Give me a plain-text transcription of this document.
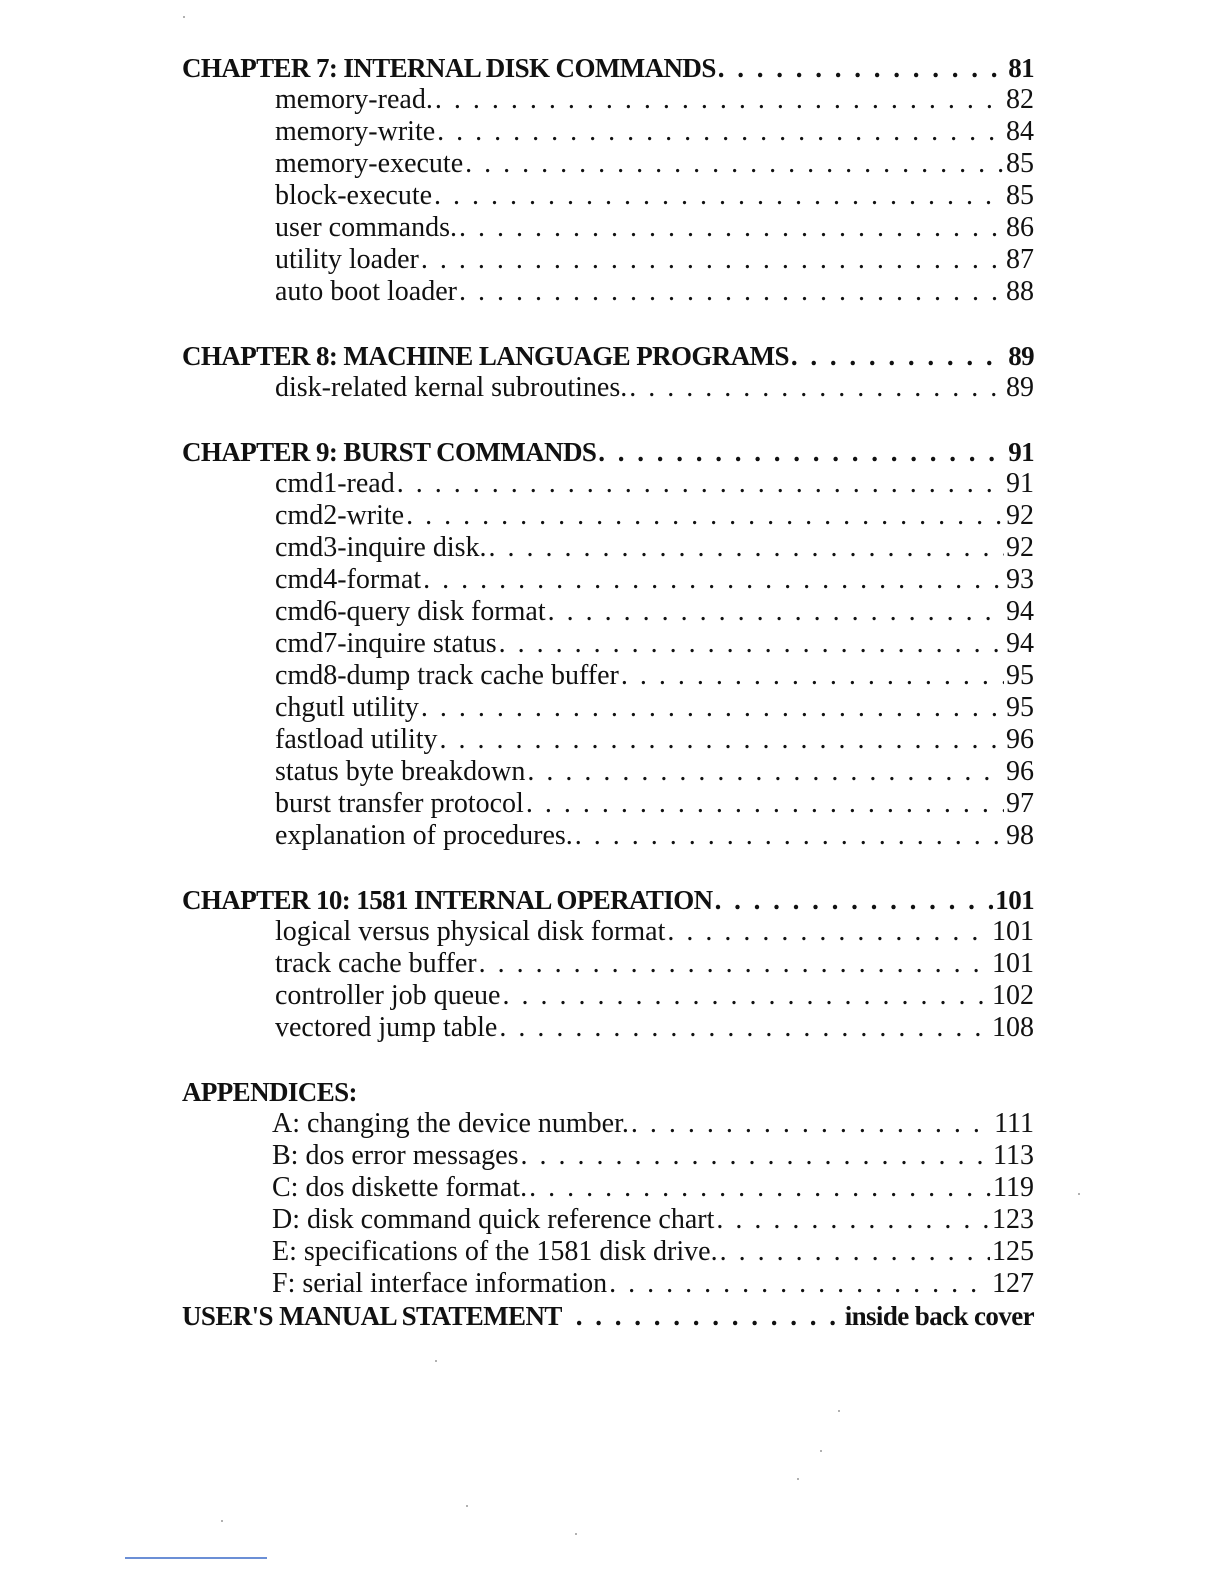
CHAPTER 7: INTERNAL DISK COMMANDS . . .	81
memory-read. . . .	82
memory-write . . .	84
memory-execute . . .	85
block-execute . . .	85
user commands. . . .	86
utility loader . . .	87
auto boot loader . . .	88
CHAPTER 8: MACHINE LANGUAGE PROGRAMS . . .	89
disk-related kernal subroutines. . . .	89
CHAPTER 9: BURST COMMANDS . . .	91
cmd1-read . . .	91
cmd2-write . . .	92
cmd3-inquire disk. . . .	92
cmd4-format . . .	93
cmd6-query disk format . . .	94
cmd7-inquire status . . .	94
cmd8-dump track cache buffer . . .	95
chgutl utility . . .	95
fastload utility . . .	96
status byte breakdown . . .	96
burst transfer protocol . . .	97
explanation of procedures. . . .	98
CHAPTER 10: 1581 INTERNAL OPERATION . . .	101
logical versus physical disk format . . .	101
track cache buffer . . .	101
controller job queue . . .	102
vectored jump table . . .	108
APPENDICES:
A: changing the device number. . . .	111
B: dos error messages . . .	113
C: dos diskette format. . . .	119
D: disk command quick reference chart . . .	123
E: specifications of the 1581 disk drive. . . .	125
F: serial interface information . . .	127
USER'S MANUAL STATEMENT . . .	inside back cover
